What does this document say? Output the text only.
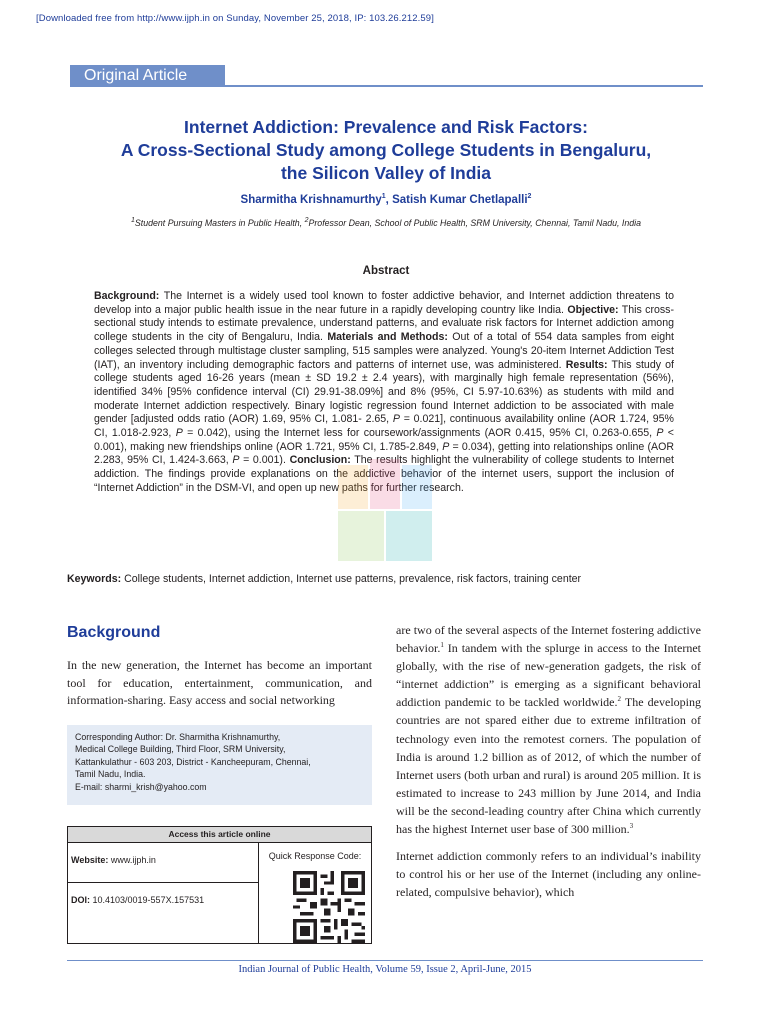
[Downloaded free from http://www.ijph.in on Sunday, November 25, 2018, IP: 103.26.212.59]
Original Article
Internet Addiction: Prevalence and Risk Factors:
A Cross-Sectional Study among College Students in Bengaluru,
the Silicon Valley of India
Sharmitha Krishnamurthy$^1$, Satish Kumar Chetlapalli$^2$
$^1$Student Pursuing Masters in Public Health, $^2$Professor Dean, School of Public Health, SRM University, Chennai, Tamil Nadu, India
Abstract
Background: The Internet is a widely used tool known to foster addictive behavior, and Internet addiction threatens to develop into a major public health issue in the near future in a rapidly developing country like India. Objective: This cross-sectional study intends to estimate prevalence, understand patterns, and evaluate risk factors for Internet addiction among college students in the city of Bengaluru, India. Materials and Methods: Out of a total of 554 data samples from eight colleges selected through multistage cluster sampling, 515 samples were analyzed. Young's 20-item Internet Addiction Test (IAT), an inventory including demographic factors and patterns of internet use, was administered. Results: This study of college students aged 16-26 years (mean ± SD 19.2 ± 2.4 years), with marginally high female representation (56%), identified 34% [95% confidence interval (CI) 29.91-38.09%] and 8% (95%, CI 5.97-10.63%) as students with mild and moderate Internet addiction respectively. Binary logistic regression found Internet addiction to be associated with male gender [adjusted odds ratio (AOR) 1.69, 95% CI, 1.081- 2.65, P = 0.021], continuous availability online (AOR 1.724, 95% CI, 1.018-2.923, P = 0.042), using the Internet less for coursework/assignments (AOR 0.415, 95% CI, 0.263-0.655, P < 0.001), making new friendships online (AOR 1.721, 95% CI, 1.785-2.849, P = 0.034), getting into relationships online (AOR 2.283, 95% CI, 1.424-3.663, P = 0.001). Conclusion: The results highlight the vulnerability of college students to Internet addiction. The findings provide explanations on the addictive behavior of the internet users, support the inclusion of “Internet Addiction” in the DSM-VI, and open up new paths for further research.
Keywords: College students, Internet addiction, Internet use patterns, prevalence, risk factors, training center
Background
In the new generation, the Internet has become an important tool for education, entertainment, communication, and information-sharing. Easy access and social networking
Corresponding Author: Dr. Sharmitha Krishnamurthy,
Medical College Building, Third Floor, SRM University,
Kattankulathur - 603 203, District - Kancheepuram, Chennai,
Tamil Nadu, India.
E-mail: sharmi_krish@yahoo.com
Access this article online
Website: www.ijph.in
DOI: 10.4103/0019-557X.157531
Quick Response Code:

are two of the several aspects of the Internet fostering addictive behavior.$^1$ In tandem with the splurge in access to the Internet globally, with the rise of new-generation gadgets, the risk of “internet addiction” is emerging as a significant behavioral addiction pandemic to be tackled worldwide.$^2$ The developing countries are not spared either due to extreme infiltration of technology even into the remotest corners. The population of India is around 1.2 billion as of 2012, of which the number of Internet users (both urban and rural) is around 205 million. It is estimated to increase to 243 million by June 2014, and India will be the second-leading country after China which currently has the highest Internet user base of 300 million.$^3$

Internet addiction commonly refers to an individual’s inability to control his or her use of the Internet (including any online-related, compulsive behavior), which

Indian Journal of Public Health, Volume 59, Issue 2, April-June, 2015
